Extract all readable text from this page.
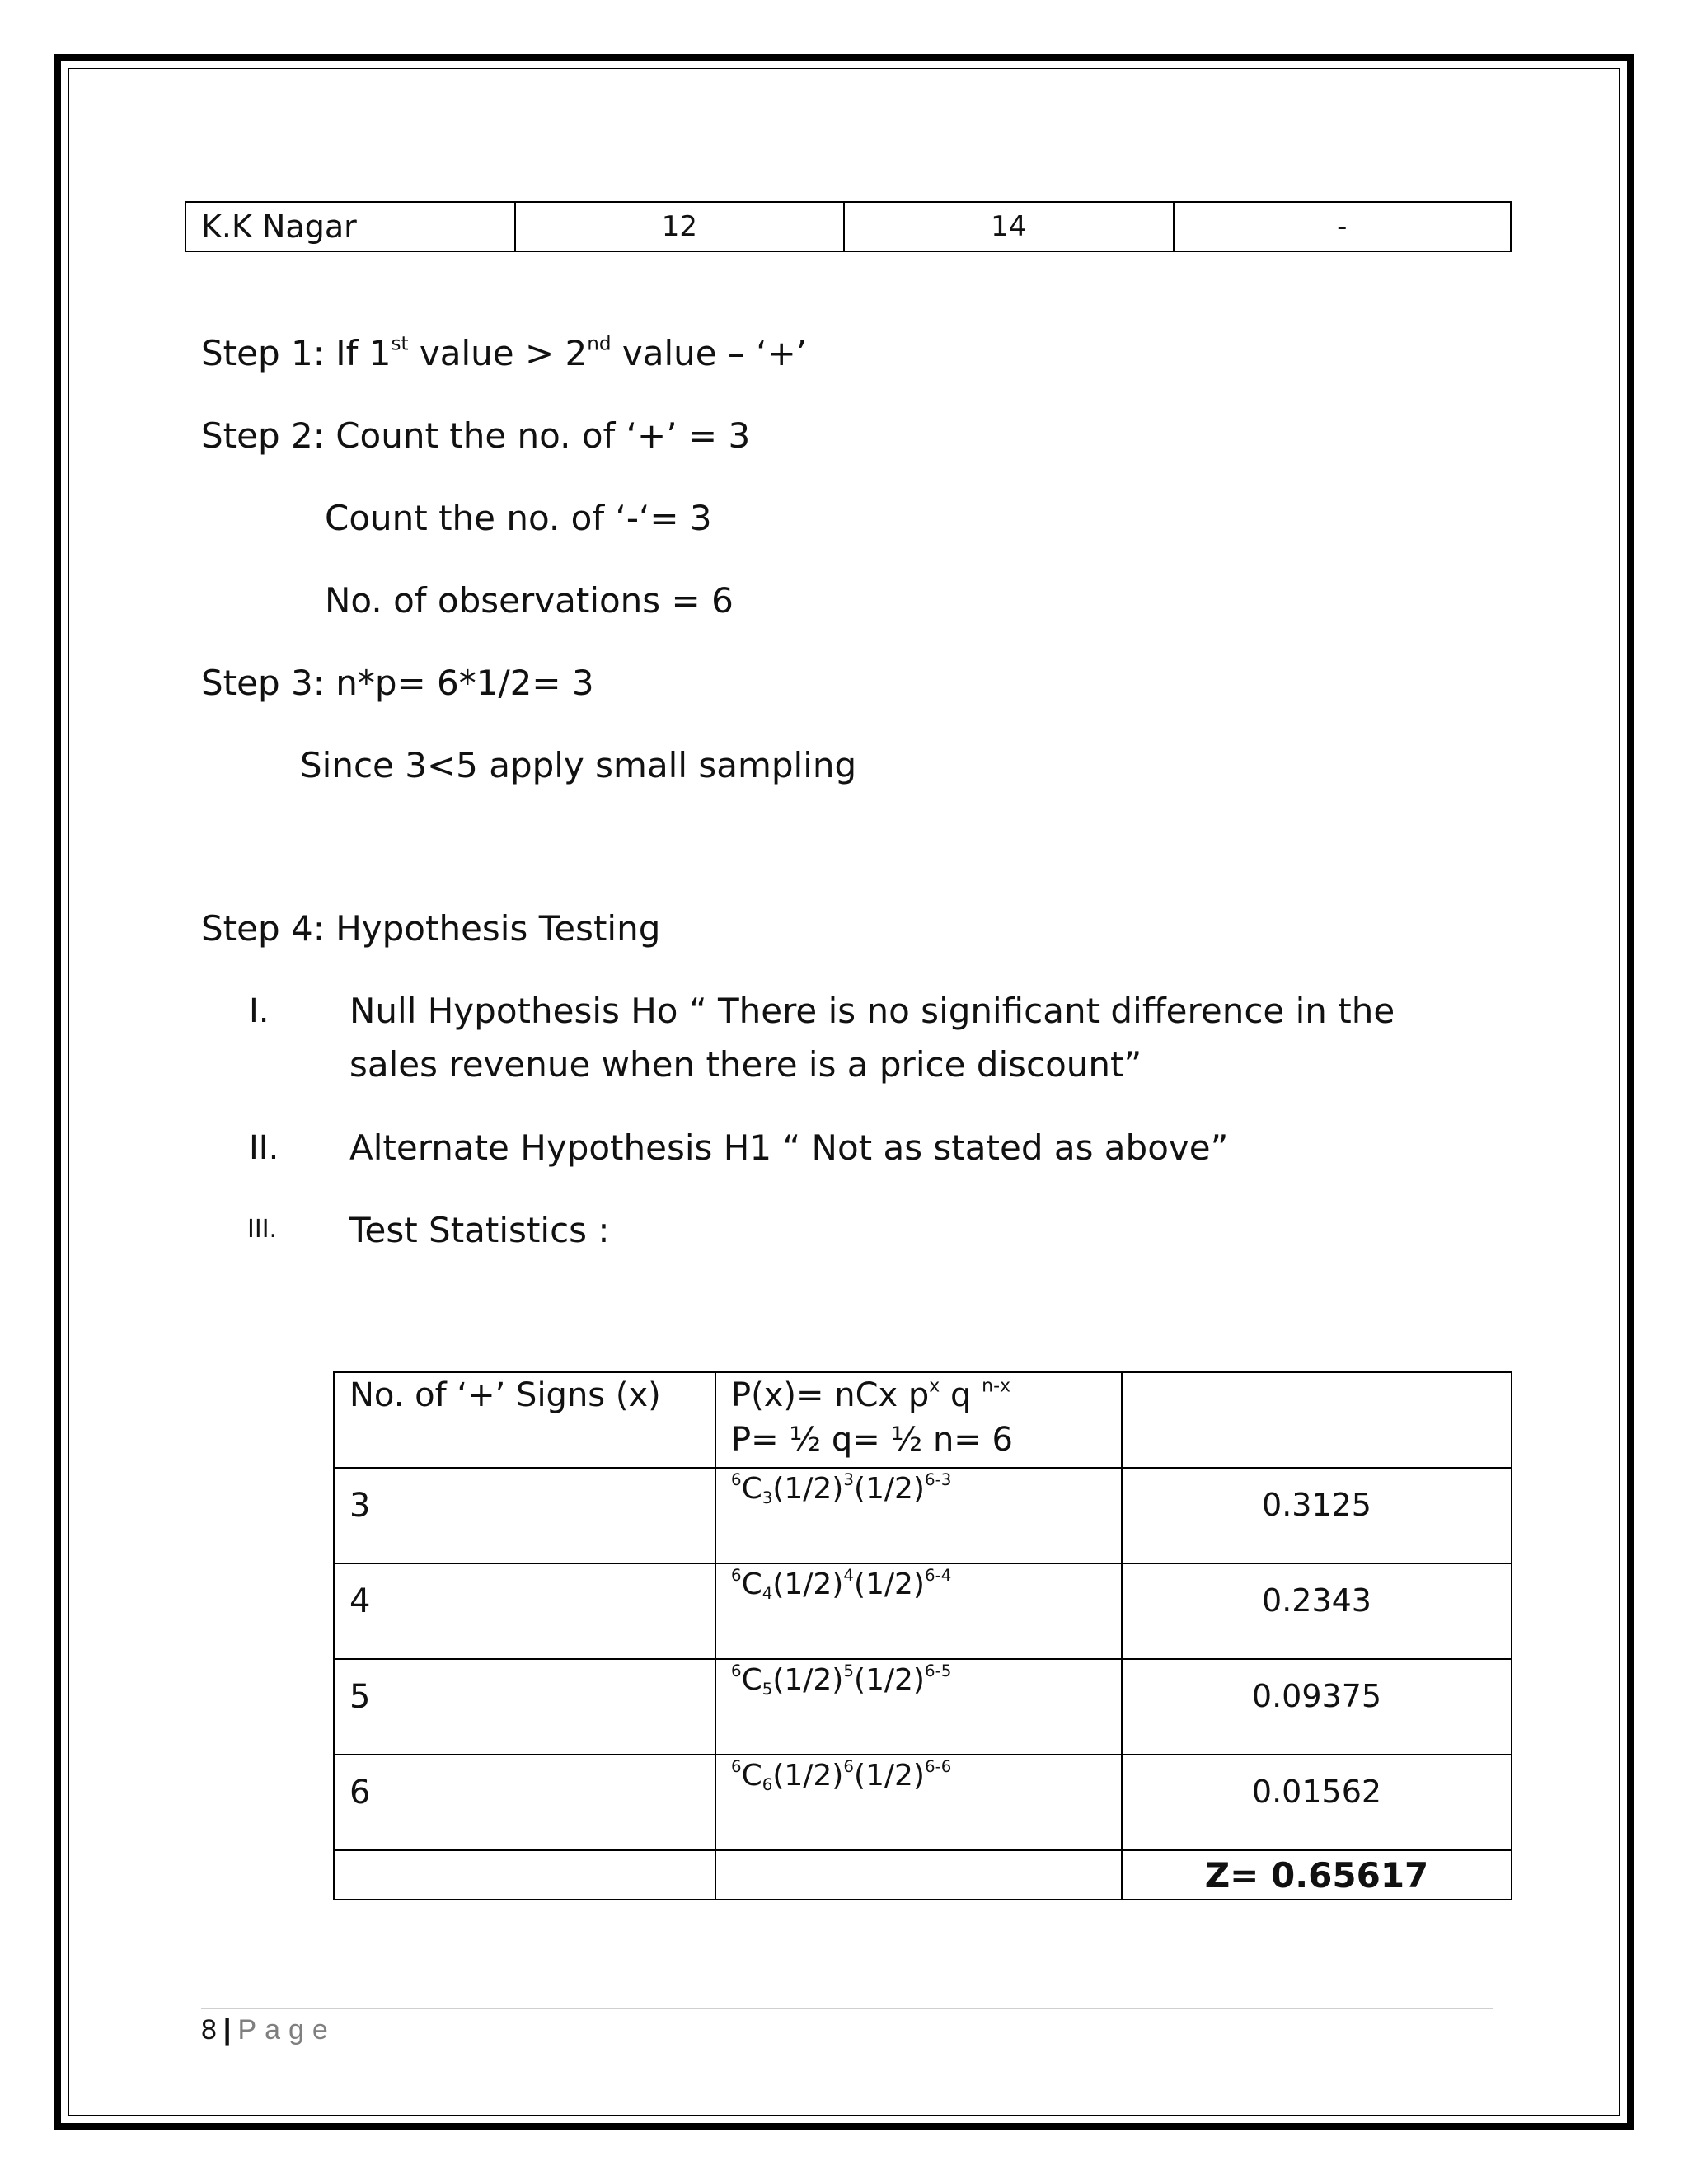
K.K Nagar	12	14	-
Step 1: If 1st value > 2nd value – ‘+’
Step 2: Count the no. of ‘+’ = 3
Count the no. of ‘-‘= 3
No. of observations = 6
Step 3: n*p= 6*1/2= 3
Since 3<5 apply small sampling
Step 4: Hypothesis Testing
I. Null Hypothesis Ho “ There is no significant difference in the sales revenue when there is a price discount”
II. Alternate Hypothesis H1 “ Not as stated as above”
III. Test Statistics :
No. of ‘+’ Signs (x)	P(x)= nCx $p^x$ q $^{n-x}$
P= ½ q= ½ n= 6	

3	$^6C_3(1/2)^3(1/2)^{6-3}$	0.3125
4	$^6C_4(1/2)^4(1/2)^{6-4}$	0.2343
5	$^6C_5(1/2)^5(1/2)^{6-5}$	0.09375
6	$^6C_6(1/2)^6(1/2)^{6-6}$	0.01562
		Z= 0.65617
8 | Page
